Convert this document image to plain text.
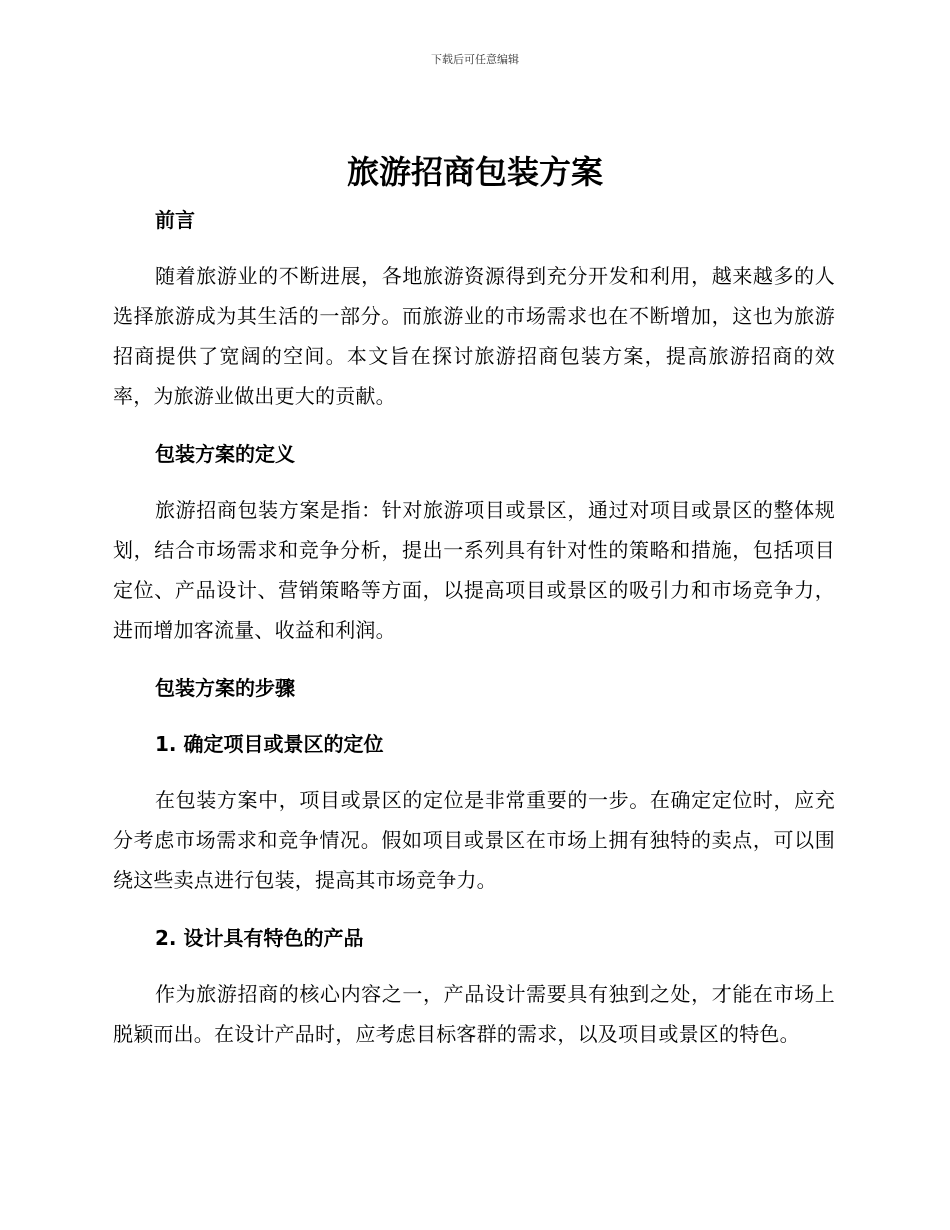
下载后可任意编辑
旅游招商包装方案
前言

随着旅游业的不断进展，各地旅游资源得到充分开发和利用，越来越多的人选择旅游成为其生活的一部分。而旅游业的市场需求也在不断增加，这也为旅游招商提供了宽阔的空间。本文旨在探讨旅游招商包装方案，提高旅游招商的效率，为旅游业做出更大的贡献。

包装方案的定义

旅游招商包装方案是指：针对旅游项目或景区，通过对项目或景区的整体规划，结合市场需求和竞争分析，提出一系列具有针对性的策略和措施，包括项目定位、产品设计、营销策略等方面，以提高项目或景区的吸引力和市场竞争力，进而增加客流量、收益和利润。

包装方案的步骤
1. 确定项目或景区的定位

在包装方案中，项目或景区的定位是非常重要的一步。在确定定位时，应充分考虑市场需求和竞争情况。假如项目或景区在市场上拥有独特的卖点，可以围绕这些卖点进行包装，提高其市场竞争力。

2. 设计具有特色的产品

作为旅游招商的核心内容之一，产品设计需要具有独到之处，才能在市场上脱颖而出。在设计产品时，应考虑目标客群的需求，以及项目或景区的特色。
